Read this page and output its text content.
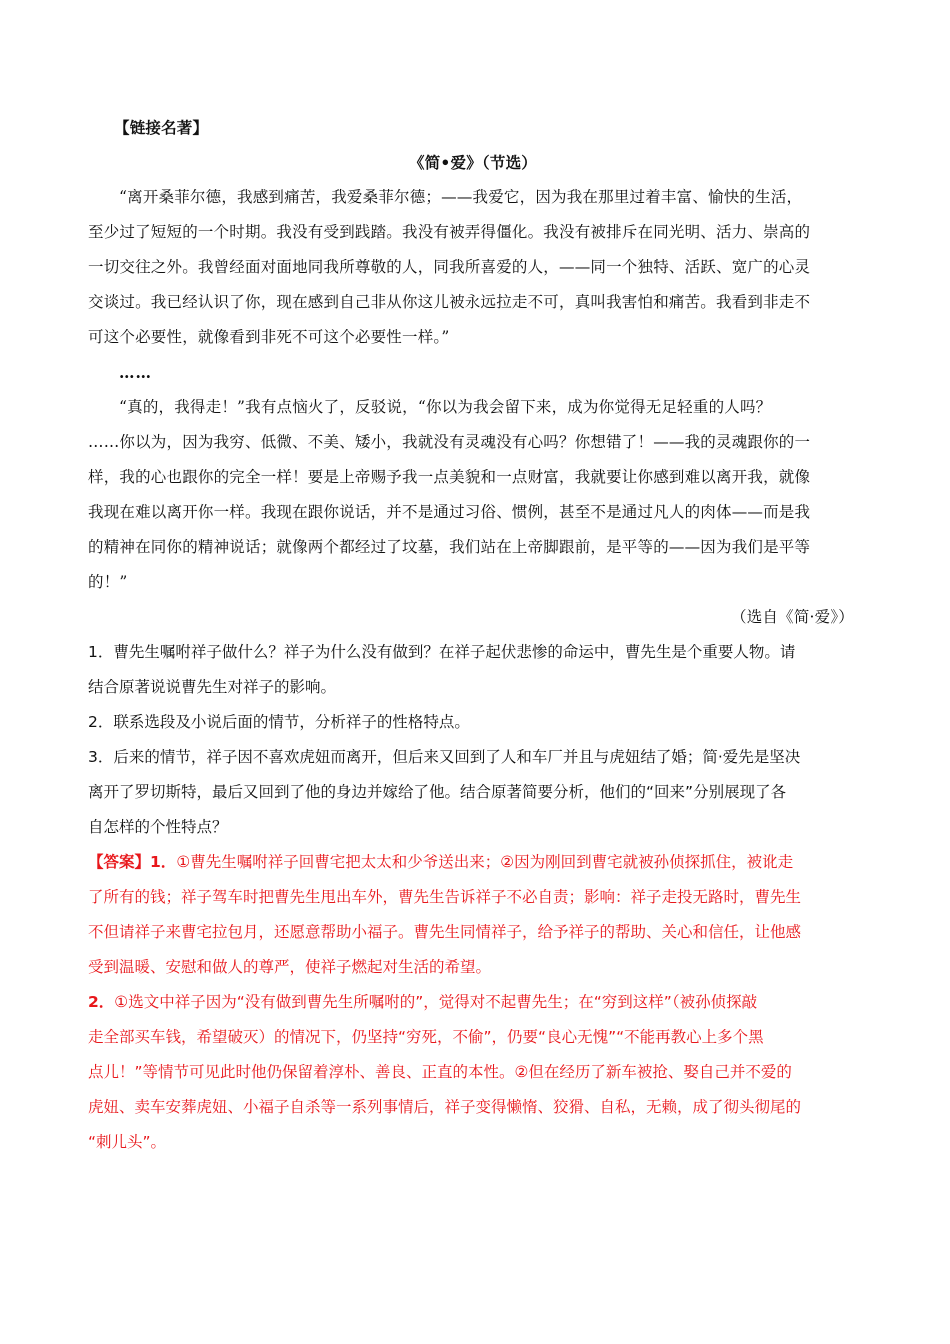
【链接名著】
《简•爱》（节选）
“离开桑菲尔德，我感到痛苦，我爱桑菲尔德；——我爱它，因为我在那里过着丰富、愉快的生活，
至少过了短短的一个时期。我没有受到践踏。我没有被弄得僵化。我没有被排斥在同光明、活力、崇高的
一切交往之外。我曾经面对面地同我所尊敬的人，同我所喜爱的人，——同一个独特、活跃、宽广的心灵
交谈过。我已经认识了你，现在感到自己非从你这儿被永远拉走不可，真叫我害怕和痛苦。我看到非走不
可这个必要性，就像看到非死不可这个必要性一样。”
……
“真的，我得走！”我有点恼火了，反驳说，“你以为我会留下来，成为你觉得无足轻重的人吗？
……你以为，因为我穷、低微、不美、矮小，我就没有灵魂没有心吗？你想错了！——我的灵魂跟你的一
样，我的心也跟你的完全一样！要是上帝赐予我一点美貌和一点财富，我就要让你感到难以离开我，就像
我现在难以离开你一样。我现在跟你说话，并不是通过习俗、惯例，甚至不是通过凡人的肉体——而是我
的精神在同你的精神说话；就像两个都经过了坟墓，我们站在上帝脚跟前，是平等的——因为我们是平等
的！”
（选自《简·爱》）
1．曹先生嘱咐祥子做什么？祥子为什么没有做到？在祥子起伏悲惨的命运中，曹先生是个重要人物。请
结合原著说说曹先生对祥子的影响。
2．联系选段及小说后面的情节，分析祥子的性格特点。
3．后来的情节，祥子因不喜欢虎妞而离开，但后来又回到了人和车厂并且与虎妞结了婚；简·爱先是坚决
离开了罗切斯特，最后又回到了他的身边并嫁给了他。结合原著简要分析，他们的“回来”分别展现了各
自怎样的个性特点？
【答案】1．①曹先生嘱咐祥子回曹宅把太太和少爷送出来；②因为刚回到曹宅就被孙侦探抓住，被讹走
了所有的钱；祥子驾车时把曹先生甩出车外，曹先生告诉祥子不必自责；影响：祥子走投无路时，曹先生
不但请祥子来曹宅拉包月，还愿意帮助小福子。曹先生同情祥子，给予祥子的帮助、关心和信任，让他感
受到温暖、安慰和做人的尊严，使祥子燃起对生活的希望。
2．①选文中祥子因为“没有做到曹先生所嘱咐的”，觉得对不起曹先生；在“穷到这样”（被孙侦探敲
走全部买车钱，希望破灭）的情况下，仍坚持“穷死，不偷”，仍要“良心无愧”“不能再教心上多个黑
点儿！”等情节可见此时他仍保留着淳朴、善良、正直的本性。②但在经历了新车被抢、娶自己并不爱的
虎妞、卖车安葬虎妞、小福子自杀等一系列事情后，祥子变得懒惰、狡猾、自私，无赖，成了彻头彻尾的
“刺儿头”。
